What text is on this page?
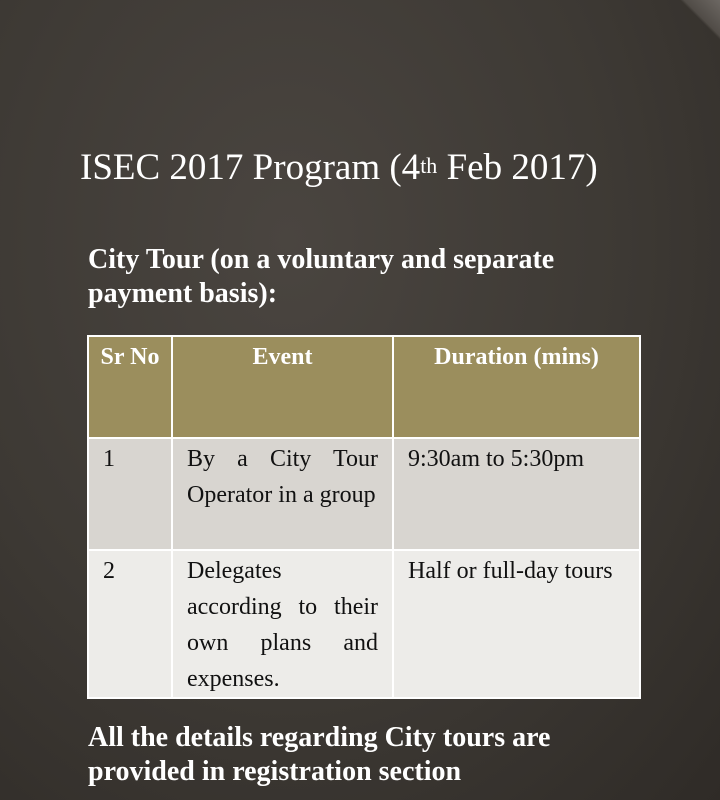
ISEC 2017 Program (4th Feb 2017)
City Tour (on a voluntary and separate payment basis):
Sr No	Event	Duration (mins)
1	By a City Tour Operator in a group	9:30am to 5:30pm
2	Delegates according to their own plans and expenses.	Half or full-day tours
All the details regarding City tours are provided in registration section
